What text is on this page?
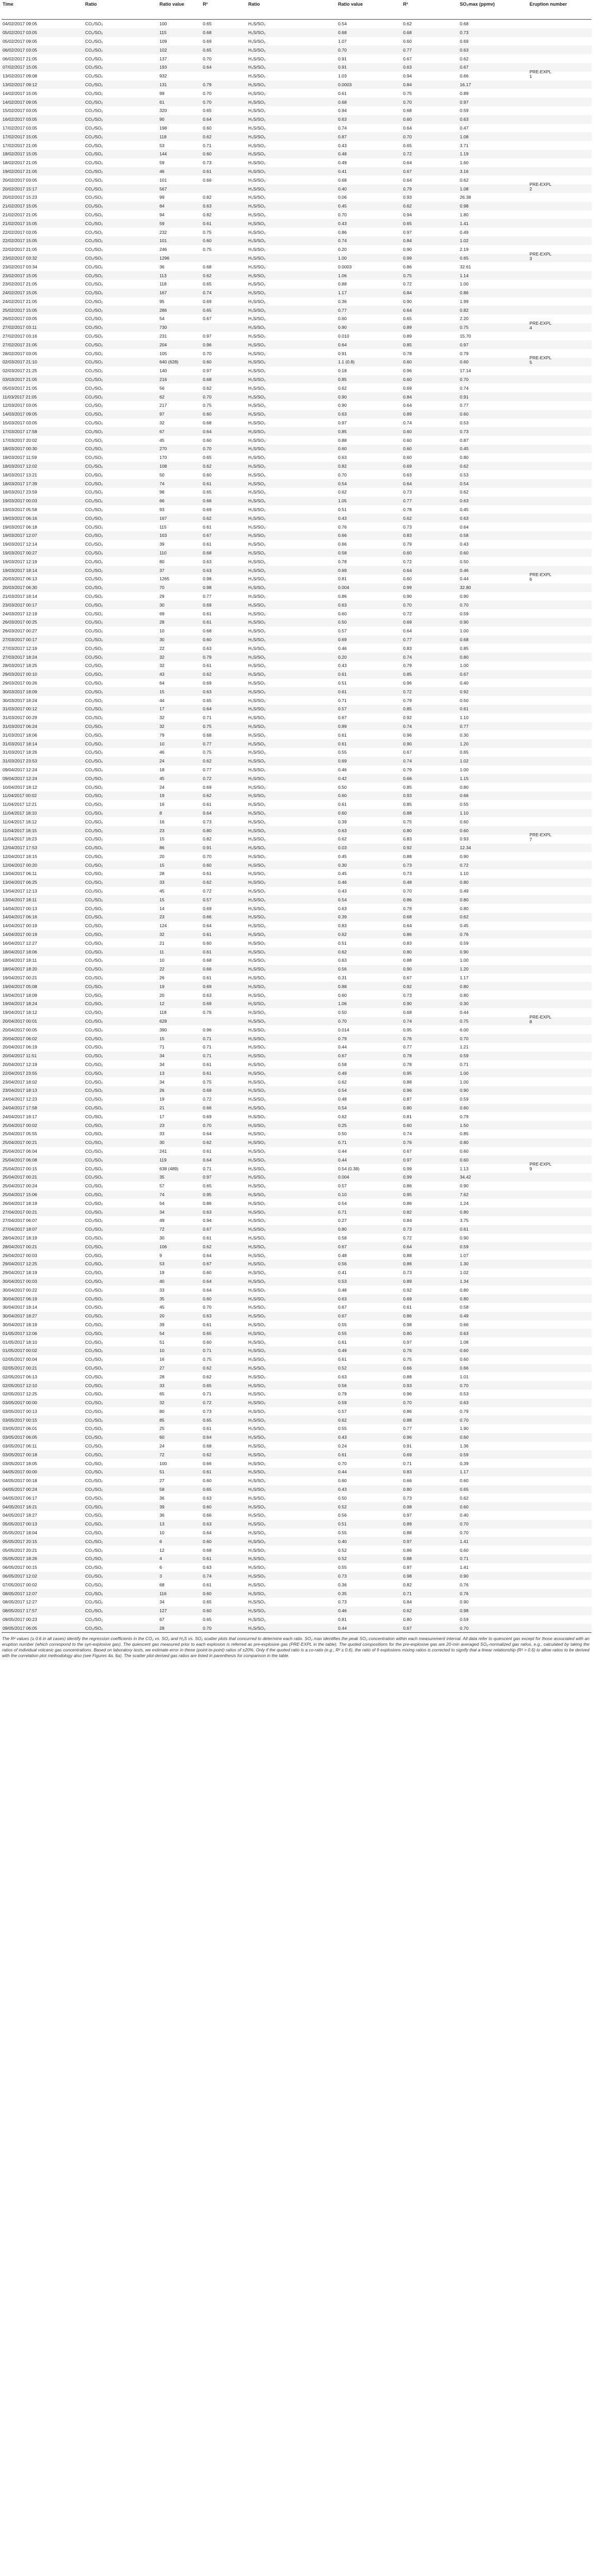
Time	Ratio	Ratio value	R²	Ratio	Ratio value	R²	SO₂max (ppmv)	Eruption number
04/02/2017 09:05	CO₂/SO₂	100	0.65	H₂S/SO₂	0.54	0.62	0.68	
05/02/2017 03:05	CO₂/SO₂	115	0.68	H₂S/SO₂	0.68	0.68	0.73	
05/02/2017 09:05	CO₂/SO₂	109	0.69	H₂S/SO₂	1.07	0.60	0.69	
06/02/2017 03:05	CO₂/SO₂	102	0.65	H₂S/SO₂	0.70	0.77	0.63	
06/02/2017 21:05	CO₂/SO₂	137	0.70	H₂S/SO₂	0.91	0.67	0.62	
07/02/2017 15:05	CO₂/SO₂	193	0.64	H₂S/SO₂	0.91	0.63	0.67	
13/02/2017 09:08	CO₂/SO₂	932		H₂S/SO₂	1.03	0.94	0.66	PRE-EXPL
1

13/02/2017 09:12	CO₂/SO₂	131	0.79	H₂S/SO₂	0.0003	0.84	16.17	
14/02/2017 15:05	CO₂/SO₂	99	0.70	H₂S/SO₂	0.61	0.75	0.89	
14/02/2017 09:05	CO₂/SO₂	61	0.70	H₂S/SO₂	0.68	0.70	0.97	
15/02/2017 03:05	CO₂/SO₂	320	0.65	H₂S/SO₂	0.94	0.68	0.59	
16/02/2017 03:05	CO₂/SO₂	90	0.64	H₂S/SO₂	0.63	0.60	0.63	
17/02/2017 03:05	CO₂/SO₂	198	0.60	H₂S/SO₂	0.74	0.64	0.47	
17/02/2017 15:05	CO₂/SO₂	118	0.62	H₂S/SO₂	0.87	0.70	1.08	
17/02/2017 21:05	CO₂/SO₂	53	0.71	H₂S/SO₂	0.43	0.65	3.71	
18/02/2017 15:05	CO₂/SO₂	144	0.60	H₂S/SO₂	0.48	0.72	1.19	
18/02/2017 21:05	CO₂/SO₂	59	0.73	H₂S/SO₂	0.49	0.64	1.60	
19/02/2017 21:05	CO₂/SO₂	46	0.61	H₂S/SO₂	0.41	0.67	3.16	
20/02/2017 03:05	CO₂/SO₂	101	0.66	H₂S/SO₂	0.68	0.64	0.62	
20/02/2017 15:17	CO₂/SO₂	567		H₂S/SO₂	0.40	0.79	1.08	PRE-EXPL
2

20/02/2017 15:23	CO₂/SO₂	99	0.82	H₂S/SO₂	0.06	0.93	26.38	
21/02/2017 15:05	CO₂/SO₂	84	0.63	H₂S/SO₂	0.45	0.62	0.98	
21/02/2017 21:05	CO₂/SO₂	94	0.82	H₂S/SO₂	0.70	0.94	1.80	
21/02/2017 15:05	CO₂/SO₂	59	0.61	H₂S/SO₂	0.43	0.65	1.41	
22/02/2017 03:05	CO₂/SO₂	232	0.75	H₂S/SO₂	0.86	0.97	0.49	
22/02/2017 15:05	CO₂/SO₂	101	0.60	H₂S/SO₂	0.74	0.84	1.02	
22/02/2017 21:05	CO₂/SO₂	246	0.75	H₂S/SO₂	0.20	0.90	2.19	
23/02/2017 03:32	CO₂/SO₂	1296		H₂S/SO₂	1.00	0.99	0.65	PRE-EXPL
3

23/02/2017 03:34	CO₂/SO₂	36	0.68	H₂S/SO₂	0.0003	0.86	32.61	
23/02/2017 15:05	CO₂/SO₂	113	0.62	H₂S/SO₂	1.06	0.75	1.14	
23/02/2017 21:05	CO₂/SO₂	118	0.65	H₂S/SO₂	0.88	0.72	1.00	
24/02/2017 15:05	CO₂/SO₂	167	0.74	H₂S/SO₂	1.17	0.84	0.86	
24/02/2017 21:05	CO₂/SO₂	95	0.69	H₂S/SO₂	0.36	0.90	1.99	
25/02/2017 15:05	CO₂/SO₂	286	0.65	H₂S/SO₂	0.77	0.64	0.82	
26/02/2017 03:05	CO₂/SO₂	54	0.67	H₂S/SO₂	0.60	0.65	2.20	
27/02/2017 03:11	CO₂/SO₂	730		H₂S/SO₂	0.90	0.89	0.75	PRE-EXPL
4

27/02/2017 03:16	CO₂/SO₂	231	0.97	H₂S/SO₂	0.010	0.89	15.70	
27/02/2017 21:05	CO₂/SO₂	204	0.96	H₂S/SO₂	0.64	0.85	0.97	
28/02/2017 03:05	CO₂/SO₂	105	0.70	H₂S/SO₂	0.91	0.78	0.79	
02/03/2017 21:10	CO₂/SO₂	640 (628)	0.60	H₂S/SO₂	1.1 (0.8)	0.60	0.60	PRE-EXPL
5

02/03/2017 21:25	CO₂/SO₂	140	0.97	H₂S/SO₂	0.18	0.96	17.14	
03/03/2017 21:05	CO₂/SO₂	216	0.68	H₂S/SO₂	0.85	0.60	0.70	
05/03/2017 21:05	CO₂/SO₂	56	0.62	H₂S/SO₂	0.62	0.69	0.74	
11/03/2017 21:05	CO₂/SO₂	62	0.70	H₂S/SO₂	0.90	0.84	0.91	
12/03/2017 03:05	CO₂/SO₂	217	0.75	H₂S/SO₂	0.90	0.64	0.77	
14/03/2017 09:05	CO₂/SO₂	97	0.60	H₂S/SO₂	0.63	0.89	0.60	
15/03/2017 03:05	CO₂/SO₂	32	0.68	H₂S/SO₂	0.97	0.74	0.53	
17/03/2017 17:58	CO₂/SO₂	67	0.64	H₂S/SO₂	0.85	0.60	0.73	
17/03/2017 20:02	CO₂/SO₂	45	0.60	H₂S/SO₂	0.88	0.60	0.87	
18/03/2017 00:30	CO₂/SO₂	270	0.70	H₂S/SO₂	0.60	0.60	0.45	
18/03/2017 11:59	CO₂/SO₂	170	0.65	H₂S/SO₂	0.63	0.60	0.80	
18/03/2017 12:02	CO₂/SO₂	108	0.62	H₂S/SO₂	0.82	0.69	0.62	
18/03/2017 13:21	CO₂/SO₂	50	0.60	H₂S/SO₂	0.70	0.63	0.53	
18/03/2017 17:39	CO₂/SO₂	74	0.61	H₂S/SO₂	0.54	0.64	0.54	
18/03/2017 23:59	CO₂/SO₂	98	0.65	H₂S/SO₂	0.62	0.73	0.62	
19/03/2017 00:03	CO₂/SO₂	66	0.66	H₂S/SO₂	1.05	0.77	0.63	
19/03/2017 05:58	CO₂/SO₂	93	0.69	H₂S/SO₂	0.51	0.78	0.45	
19/03/2017 06:16	CO₂/SO₂	167	0.62	H₂S/SO₂	0.43	0.62	0.63	
19/03/2017 06:18	CO₂/SO₂	115	0.61	H₂S/SO₂	0.76	0.73	0.64	
19/03/2017 12:07	CO₂/SO₂	103	0.67	H₂S/SO₂	0.66	0.83	0.58	
19/03/2017 12:14	CO₂/SO₂	39	0.61	H₂S/SO₂	0.66	0.79	0.43	
19/03/2017 00:27	CO₂/SO₂	110	0.68	H₂S/SO₂	0.58	0.60	0.60	
19/03/2017 12:19	CO₂/SO₂	80	0.63	H₂S/SO₂	0.78	0.72	0.50	
19/03/2017 18:14	CO₂/SO₂	37	0.63	H₂S/SO₂	0.69	0.64	0.46	
20/03/2017 06:13	CO₂/SO₂	1265	0.98	H₂S/SO₂	0.81	0.60	0.44	PRE-EXPL
6

20/03/2017 06:30	CO₂/SO₂	70	0.98	H₂S/SO₂	0.004	0.99	32.80	
21/03/2017 18:14	CO₂/SO₂	29	0.77	H₂S/SO₂	0.86	0.90	0.90	
23/03/2017 00:17	CO₂/SO₂	30	0.69	H₂S/SO₂	0.63	0.70	0.70	
24/03/2017 12:19	CO₂/SO₂	69	0.61	H₂S/SO₂	0.60	0.72	0.59	
26/03/2017 00:25	CO₂/SO₂	28	0.61	H₂S/SO₂	0.50	0.69	0.90	
26/03/2017 00:27	CO₂/SO₂	10	0.68	H₂S/SO₂	0.57	0.64	1.00	
27/03/2017 00:17	CO₂/SO₂	30	0.60	H₂S/SO₂	0.69	0.77	0.68	
27/03/2017 12:19	CO₂/SO₂	22	0.63	H₂S/SO₂	0.46	0.83	0.85	
27/03/2017 18:24	CO₂/SO₂	32	0.79	H₂S/SO₂	0.20	0.74	0.80	
28/03/2017 18:25	CO₂/SO₂	32	0.61	H₂S/SO₂	0.43	0.79	1.00	
29/03/2017 00:10	CO₂/SO₂	43	0.62	H₂S/SO₂	0.61	0.85	0.67	
29/03/2017 00:26	CO₂/SO₂	64	0.69	H₂S/SO₂	0.51	0.96	0.40	
30/03/2017 18:09	CO₂/SO₂	15	0.63	H₂S/SO₂	0.61	0.72	0.92	
30/03/2017 18:24	CO₂/SO₂	44	0.65	H₂S/SO₂	0.71	0.79	0.50	
31/03/2017 00:12	CO₂/SO₂	17	0.64	H₂S/SO₂	0.57	0.85	0.61	
31/03/2017 00:29	CO₂/SO₂	32	0.71	H₂S/SO₂	0.67	0.92	1.10	
31/03/2017 06:24	CO₂/SO₂	32	0.75	H₂S/SO₂	0.89	0.74	0.77	
31/03/2017 18:06	CO₂/SO₂	79	0.68	H₂S/SO₂	0.61	0.96	0.30	
31/03/2017 18:14	CO₂/SO₂	10	0.77	H₂S/SO₂	0.61	0.90	1.20	
31/03/2017 18:26	CO₂/SO₂	46	0.75	H₂S/SO₂	0.55	0.67	0.65	
31/03/2017 23:53	CO₂/SO₂	24	0.62	H₂S/SO₂	0.69	0.74	1.02	
09/04/2017 12:24	CO₂/SO₂	18	0.77	H₂S/SO₂	0.46	0.79	1.00	
09/04/2017 12:24	CO₂/SO₂	45	0.72	H₂S/SO₂	0.42	0.66	1.15	
10/04/2017 18:12	CO₂/SO₂	24	0.69	H₂S/SO₂	0.50	0.85	0.80	
11/04/2017 00:02	CO₂/SO₂	19	0.62	H₂S/SO₂	0.60	0.93	0.66	
11/04/2017 12:21	CO₂/SO₂	16	0.61	H₂S/SO₂	0.61	0.85	0.55	
11/04/2017 18:10	CO₂/SO₂	8	0.64	H₂S/SO₂	0.60	0.88	1.10	
11/04/2017 18:12	CO₂/SO₂	16	0.73	H₂S/SO₂	0.39	0.75	0.60	
11/04/2017 18:15	CO₂/SO₂	23	0.80	H₂S/SO₂	0.63	0.80	0.60	
11/04/2017 18:23	CO₂/SO₂	15	0.82	H₂S/SO₂	0.62	0.83	0.93	PRE-EXPL
7

12/04/2017 17:53	CO₂/SO₂	86	0.91	H₂S/SO₂	0.03	0.92	12.34	
12/04/2017 18:15	CO₂/SO₂	20	0.70	H₂S/SO₂	0.45	0.88	0.90	
12/04/2017 00:20	CO₂/SO₂	15	0.60	H₂S/SO₂	0.30	0.73	0.72	
13/04/2017 06:11	CO₂/SO₂	28	0.61	H₂S/SO₂	0.45	0.73	1.10	
13/04/2017 06:25	CO₂/SO₂	33	0.62	H₂S/SO₂	0.46	0.48	0.80	
13/04/2017 12:13	CO₂/SO₂	45	0.72	H₂S/SO₂	0.43	0.70	0.49	
13/04/2017 18:11	CO₂/SO₂	15	0.57	H₂S/SO₂	0.54	0.86	0.80	
14/04/2017 00:13	CO₂/SO₂	14	0.69	H₂S/SO₂	0.63	0.79	0.80	
14/04/2017 06:16	CO₂/SO₂	23	0.66	H₂S/SO₂	0.39	0.68	0.62	
14/04/2017 00:19	CO₂/SO₂	124	0.64	H₂S/SO₂	0.83	0.64	0.45	
14/04/2017 00:19	CO₂/SO₂	32	0.61	H₂S/SO₂	0.62	0.86	0.76	
16/04/2017 12:27	CO₂/SO₂	21	0.60	H₂S/SO₂	0.51	0.83	0.59	
18/04/2017 18:06	CO₂/SO₂	11	0.61	H₂S/SO₂	0.62	0.80	0.90	
18/04/2017 18:11	CO₂/SO₂	10	0.68	H₂S/SO₂	0.63	0.88	1.00	
18/04/2017 18:20	CO₂/SO₂	22	0.66	H₂S/SO₂	0.56	0.90	1.20	
19/04/2017 00:21	CO₂/SO₂	26	0.61	H₂S/SO₂	0.31	0.67	1.17	
19/04/2017 05:08	CO₂/SO₂	19	0.69	H₂S/SO₂	0.88	0.92	0.80	
19/04/2017 18:09	CO₂/SO₂	20	0.63	H₂S/SO₂	0.60	0.73	0.80	
19/04/2017 18:24	CO₂/SO₂	12	0.69	H₂S/SO₂	1.06	0.90	0.30	
19/04/2017 18:12	CO₂/SO₂	118	0.76	H₂S/SO₂	0.50	0.68	0.44	
20/04/2017 00:01	CO₂/SO₂	628		H₂S/SO₂	0.70	0.74	0.75	PRE-EXPL
8

20/04/2017 00:05	CO₂/SO₂	390	0.96	H₂S/SO₂	0.014	0.95	6.00	
20/04/2017 06:02	CO₂/SO₂	15	0.71	H₂S/SO₂	0.79	0.76	0.70	
20/04/2017 06:19	CO₂/SO₂	71	0.71	H₂S/SO₂	0.44	0.77	1.21	
20/04/2017 11:51	CO₂/SO₂	34	0.71	H₂S/SO₂	0.67	0.78	0.59	
20/04/2017 12:19	CO₂/SO₂	34	0.61	H₂S/SO₂	0.58	0.78	0.71	
22/04/2017 23:55	CO₂/SO₂	13	0.61	H₂S/SO₂	0.49	0.95	1.00	
23/04/2017 18:02	CO₂/SO₂	34	0.75	H₂S/SO₂	0.62	0.88	1.00	
23/04/2017 18:13	CO₂/SO₂	26	0.69	H₂S/SO₂	0.54	0.96	0.90	
24/04/2017 12:23	CO₂/SO₂	19	0.72	H₂S/SO₂	0.48	0.87	0.59	
24/04/2017 17:58	CO₂/SO₂	21	0.66	H₂S/SO₂	0.54	0.80	0.60	
24/04/2017 18:17	CO₂/SO₂	17	0.69	H₂S/SO₂	0.62	0.81	0.79	
25/04/2017 00:02	CO₂/SO₂	23	0.70	H₂S/SO₂	0.25	0.60	1.50	
25/04/2017 05:55	CO₂/SO₂	33	0.64	H₂S/SO₂	0.50	0.74	0.85	
25/04/2017 00:21	CO₂/SO₂	30	0.62	H₂S/SO₂	0.71	0.76	0.80	
25/04/2017 06:04	CO₂/SO₂	241	0.61	H₂S/SO₂	0.44	0.67	0.60	
25/04/2017 06:08	CO₂/SO₂	119	0.64	H₂S/SO₂	0.44	0.97	0.60	
25/04/2017 00:15	CO₂/SO₂	638 (489)	0.71	H₂S/SO₂	0.54 (0.38)	0.99	1.13	PRE-EXPL
9

25/04/2017 00:21	CO₂/SO₂	35	0.97	H₂S/SO₂	0.004	0.99	34.42	
25/04/2017 00:24	CO₂/SO₂	57	0.65	H₂S/SO₂	0.57	0.86	0.90	
25/04/2017 15:06	CO₂/SO₂	74	0.95	H₂S/SO₂	0.10	0.95	7.62	
26/04/2017 18:19	CO₂/SO₂	54	0.86	H₂S/SO₂	0.54	0.86	1.24	
27/04/2017 00:21	CO₂/SO₂	34	0.63	H₂S/SO₂	0.71	0.82	0.80	
27/04/2017 06:07	CO₂/SO₂	49	0.94	H₂S/SO₂	0.27	0.84	3.75	
27/04/2017 18:07	CO₂/SO₂	72	0.67	H₂S/SO₂	0.80	0.73	0.61	
28/04/2017 18:19	CO₂/SO₂	30	0.61	H₂S/SO₂	0.58	0.72	0.90	
28/04/2017 00:21	CO₂/SO₂	106	0.62	H₂S/SO₂	0.67	0.64	0.59	
29/04/2017 00:03	CO₂/SO₂	9	0.64	H₂S/SO₂	0.48	0.88	1.07	
29/04/2017 12:25	CO₂/SO₂	53	0.67	H₂S/SO₂	0.56	0.86	1.30	
29/04/2017 18:19	CO₂/SO₂	19	0.60	H₂S/SO₂	0.41	0.73	1.02	
30/04/2017 00:03	CO₂/SO₂	40	0.64	H₂S/SO₂	0.53	0.89	1.34	
30/04/2017 00:22	CO₂/SO₂	33	0.64	H₂S/SO₂	0.48	0.92	0.80	
30/04/2017 06:19	CO₂/SO₂	35	0.60	H₂S/SO₂	0.63	0.69	0.80	
30/04/2017 18:14	CO₂/SO₂	45	0.70	H₂S/SO₂	0.67	0.61	0.58	
30/04/2017 18:27	CO₂/SO₂	20	0.63	H₂S/SO₂	0.67	0.86	0.49	
30/04/2017 18:19	CO₂/SO₂	39	0.61	H₂S/SO₂	0.55	0.98	0.66	
01/05/2017 12:06	CO₂/SO₂	54	0.65	H₂S/SO₂	0.55	0.80	0.63	
01/05/2017 18:10	CO₂/SO₂	51	0.60	H₂S/SO₂	0.61	0.97	1.08	
01/05/2017 00:02	CO₂/SO₂	10	0.71	H₂S/SO₂	0.49	0.76	0.60	
02/05/2017 00:04	CO₂/SO₂	16	0.75	H₂S/SO₂	0.61	0.75	0.60	
02/05/2017 00:21	CO₂/SO₂	27	0.62	H₂S/SO₂	0.52	0.66	0.66	
02/05/2017 06:13	CO₂/SO₂	28	0.62	H₂S/SO₂	0.63	0.88	1.01	
02/05/2017 12:10	CO₂/SO₂	33	0.65	H₂S/SO₂	0.56	0.93	0.70	
02/05/2017 12:25	CO₂/SO₂	65	0.71	H₂S/SO₂	0.79	0.96	0.53	
03/05/2017 00:00	CO₂/SO₂	32	0.72	H₂S/SO₂	0.59	0.70	0.63	
03/05/2017 00:13	CO₂/SO₂	80	0.73	H₂S/SO₂	0.57	0.86	0.79	
03/05/2017 00:15	CO₂/SO₂	85	0.65	H₂S/SO₂	0.62	0.88	0.70	
03/05/2017 06:01	CO₂/SO₂	25	0.61	H₂S/SO₂	0.55	0.77	1.90	
03/05/2017 06:05	CO₂/SO₂	60	0.64	H₂S/SO₂	0.43	0.96	0.60	
03/05/2017 06:11	CO₂/SO₂	24	0.68	H₂S/SO₂	0.24	0.91	1.36	
03/05/2017 00:18	CO₂/SO₂	72	0.62	H₂S/SO₂	0.61	0.69	0.59	
03/05/2017 18:05	CO₂/SO₂	100	0.66	H₂S/SO₂	0.70	0.71	0.39	
04/05/2017 00:00	CO₂/SO₂	51	0.61	H₂S/SO₂	0.44	0.83	1.17	
04/05/2017 00:18	CO₂/SO₂	27	0.60	H₂S/SO₂	0.60	0.66	0.60	
04/05/2017 00:24	CO₂/SO₂	58	0.65	H₂S/SO₂	0.43	0.80	0.65	
04/05/2017 06:17	CO₂/SO₂	36	0.63	H₂S/SO₂	0.50	0.73	0.62	
04/05/2017 18:21	CO₂/SO₂	39	0.60	H₂S/SO₂	0.52	0.98	0.60	
04/05/2017 18:27	CO₂/SO₂	36	0.66	H₂S/SO₂	0.56	0.97	0.40	
05/05/2017 00:13	CO₂/SO₂	13	0.63	H₂S/SO₂	0.51	0.89	0.70	
05/05/2017 18:04	CO₂/SO₂	10	0.64	H₂S/SO₂	0.55	0.88	0.70	
05/05/2017 20:15	CO₂/SO₂	6	0.60	H₂S/SO₂	0.40	0.97	1.41	
05/05/2017 20:21	CO₂/SO₂	12	0.68	H₂S/SO₂	0.52	0.86	0.60	
05/05/2017 18:26	CO₂/SO₂	4	0.61	H₂S/SO₂	0.52	0.88	0.71	
06/05/2017 00:15	CO₂/SO₂	6	0.63	H₂S/SO₂	0.55	0.97	1.41	
06/05/2017 12:02	CO₂/SO₂	3	0.74	H₂S/SO₂	0.73	0.98	0.90	
07/05/2017 00:02	CO₂/SO₂	68	0.61	H₂S/SO₂	0.36	0.82	0.76	
08/05/2017 12:07	CO₂/SO₂	116	0.60	H₂S/SO₂	0.35	0.71	0.76	
08/05/2017 12:27	CO₂/SO₂	34	0.65	H₂S/SO₂	0.73	0.84	0.90	
08/05/2017 17:57	CO₂/SO₂	127	0.60	H₂S/SO₂	0.46	0.62	0.98	
09/05/2017 00:23	CO₂/SO₂	67	0.65	H₂S/SO₂	0.81	0.80	0.59	
09/05/2017 06:05	CO₂/SO₂	28	0.70	H₂S/SO₂	0.44	0.67	0.70	
The R² values (≥ 0.6 in all cases) identify the regression coefficients in the CO₂ vs. SO₂ and H₂S vs. SO₂ scatter plots that concurred to determine each ratio. SO₂ max identifies the peak SO₂ concentration within each measurement interval. All data refer to quiescent gas except for those associated with an eruption number (which correspond to the syn-explosive gas). The quiescent gas measured prior to each explosion is referred as pre-explosive gas (PRE-EXPL in the table). The quoted compositions for the pre-explosive gas are 20-min averaged SO₂-normalized gas ratios, e.g., calculated by taking the ratios of individual volcanic gas concentrations. Based on laboratory tests, we estimate error in these (point-to-point) ratios of ±20%. Only if the quoted ratio is a co-ratio (e.g., R² ≥ 0.6), the ratio of 9 explosions mixing ratios is corrected to signify that a linear relationship (R² > 0.6) to allow ratios to be derived with the correlation plot methodology also (see Figures 4a, 6a). The scatter plot-derived gas ratios are listed in parenthesis for comparison in the table.
